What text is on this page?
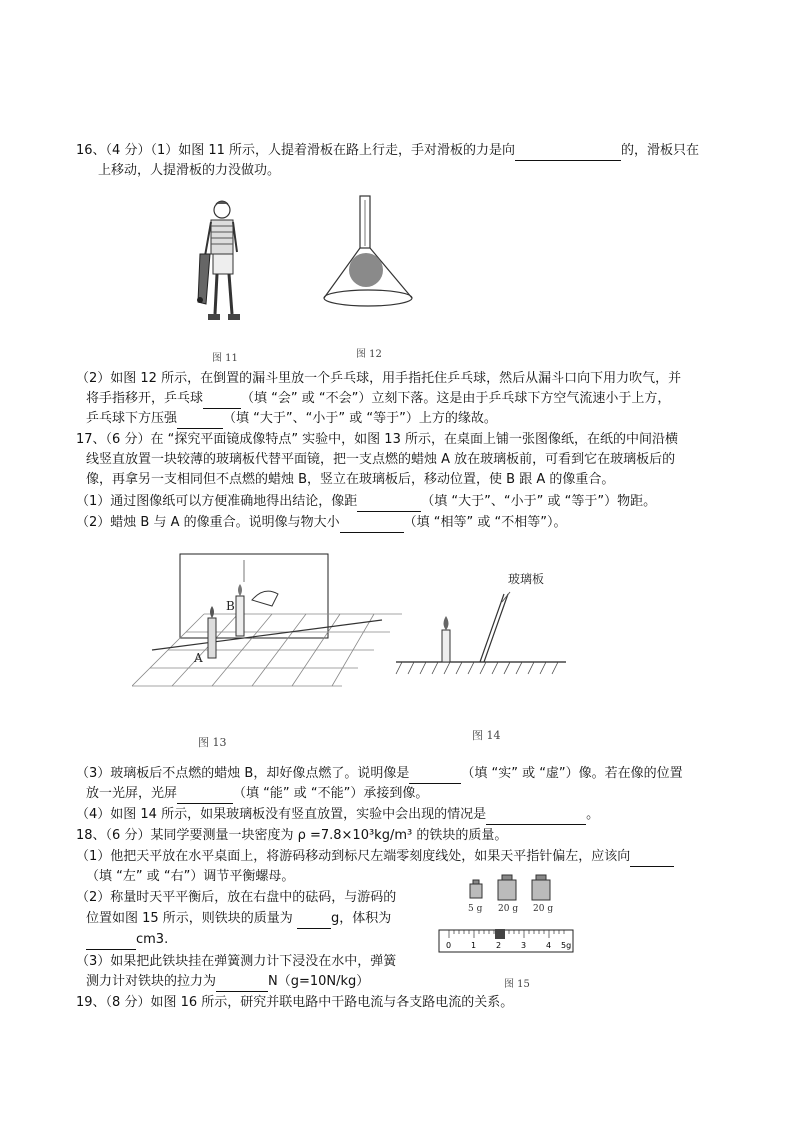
16、（4 分）（1）如图 11 所示，人提着滑板在路上行走，手对滑板的力是向	的，滑板只在
上移动，人提滑板的力没做功。
图 11	图 12
（2）如图 12 所示，在倒置的漏斗里放一个乒乓球，用手指托住乒乓球，然后从漏斗口向下用力吹气，并
将手指移开，乒乓球	（填 “会” 或 “不会”）立刻下落。这是由于乒乓球下方空气流速小于上方，
乒乓球下方压强	（填 “大于”、“小于” 或 “等于”）上方的缘故。
17、（6 分）在 “探究平面镜成像特点” 实验中，如图 13 所示，在桌面上铺一张图像纸，在纸的中间沿横
线竖直放置一块较薄的玻璃板代替平面镜，把一支点燃的蜡烛 A 放在玻璃板前，可看到它在玻璃板后的
像，再拿另一支相同但不点燃的蜡烛 B，竖立在玻璃板后，移动位置，使 B 跟 A 的像重合。
（1）通过图像纸可以方便准确地得出结论，像距	（填 “大于”、“小于” 或 “等于”）物距。
（2）蜡烛 B 与 A 的像重合。说明像与物大小	（填 “相等” 或 “不相等”）。
A
B
图 13
玻璃板
图 14
（3）玻璃板后不点燃的蜡烛 B，却好像点燃了。说明像是	（填 “实” 或 “虚”）像。若在像的位置
放一光屏，光屏	（填 “能” 或 “不能”）承接到像。
（4）如图 14 所示，如果玻璃板没有竖直放置，实验中会出现的情况是	。
18、（6 分）某同学要测量一块密度为 ρ =7.8×10³kg/m³ 的铁块的质量。
（1）他把天平放在水平桌面上，将游码移动到标尺左端零刻度线处，如果天平指针偏左，应该向
（填 “左” 或 “右”）调节平衡螺母。
（2）称量时天平平衡后，放在右盘中的砝码，与游码的
位置如图 15 所示，则铁块的质量为	g，体积为
cm3.
（3）如果把此铁块挂在弹簧测力计下浸没在水中，弹簧
测力计对铁块的拉力为	N（g=10N/kg）
5 g 20 g 20 g
0 1 2 3 4 5g
图 15
19、（8 分）如图 16 所示，研究并联电路中干路电流与各支路电流的关系。
